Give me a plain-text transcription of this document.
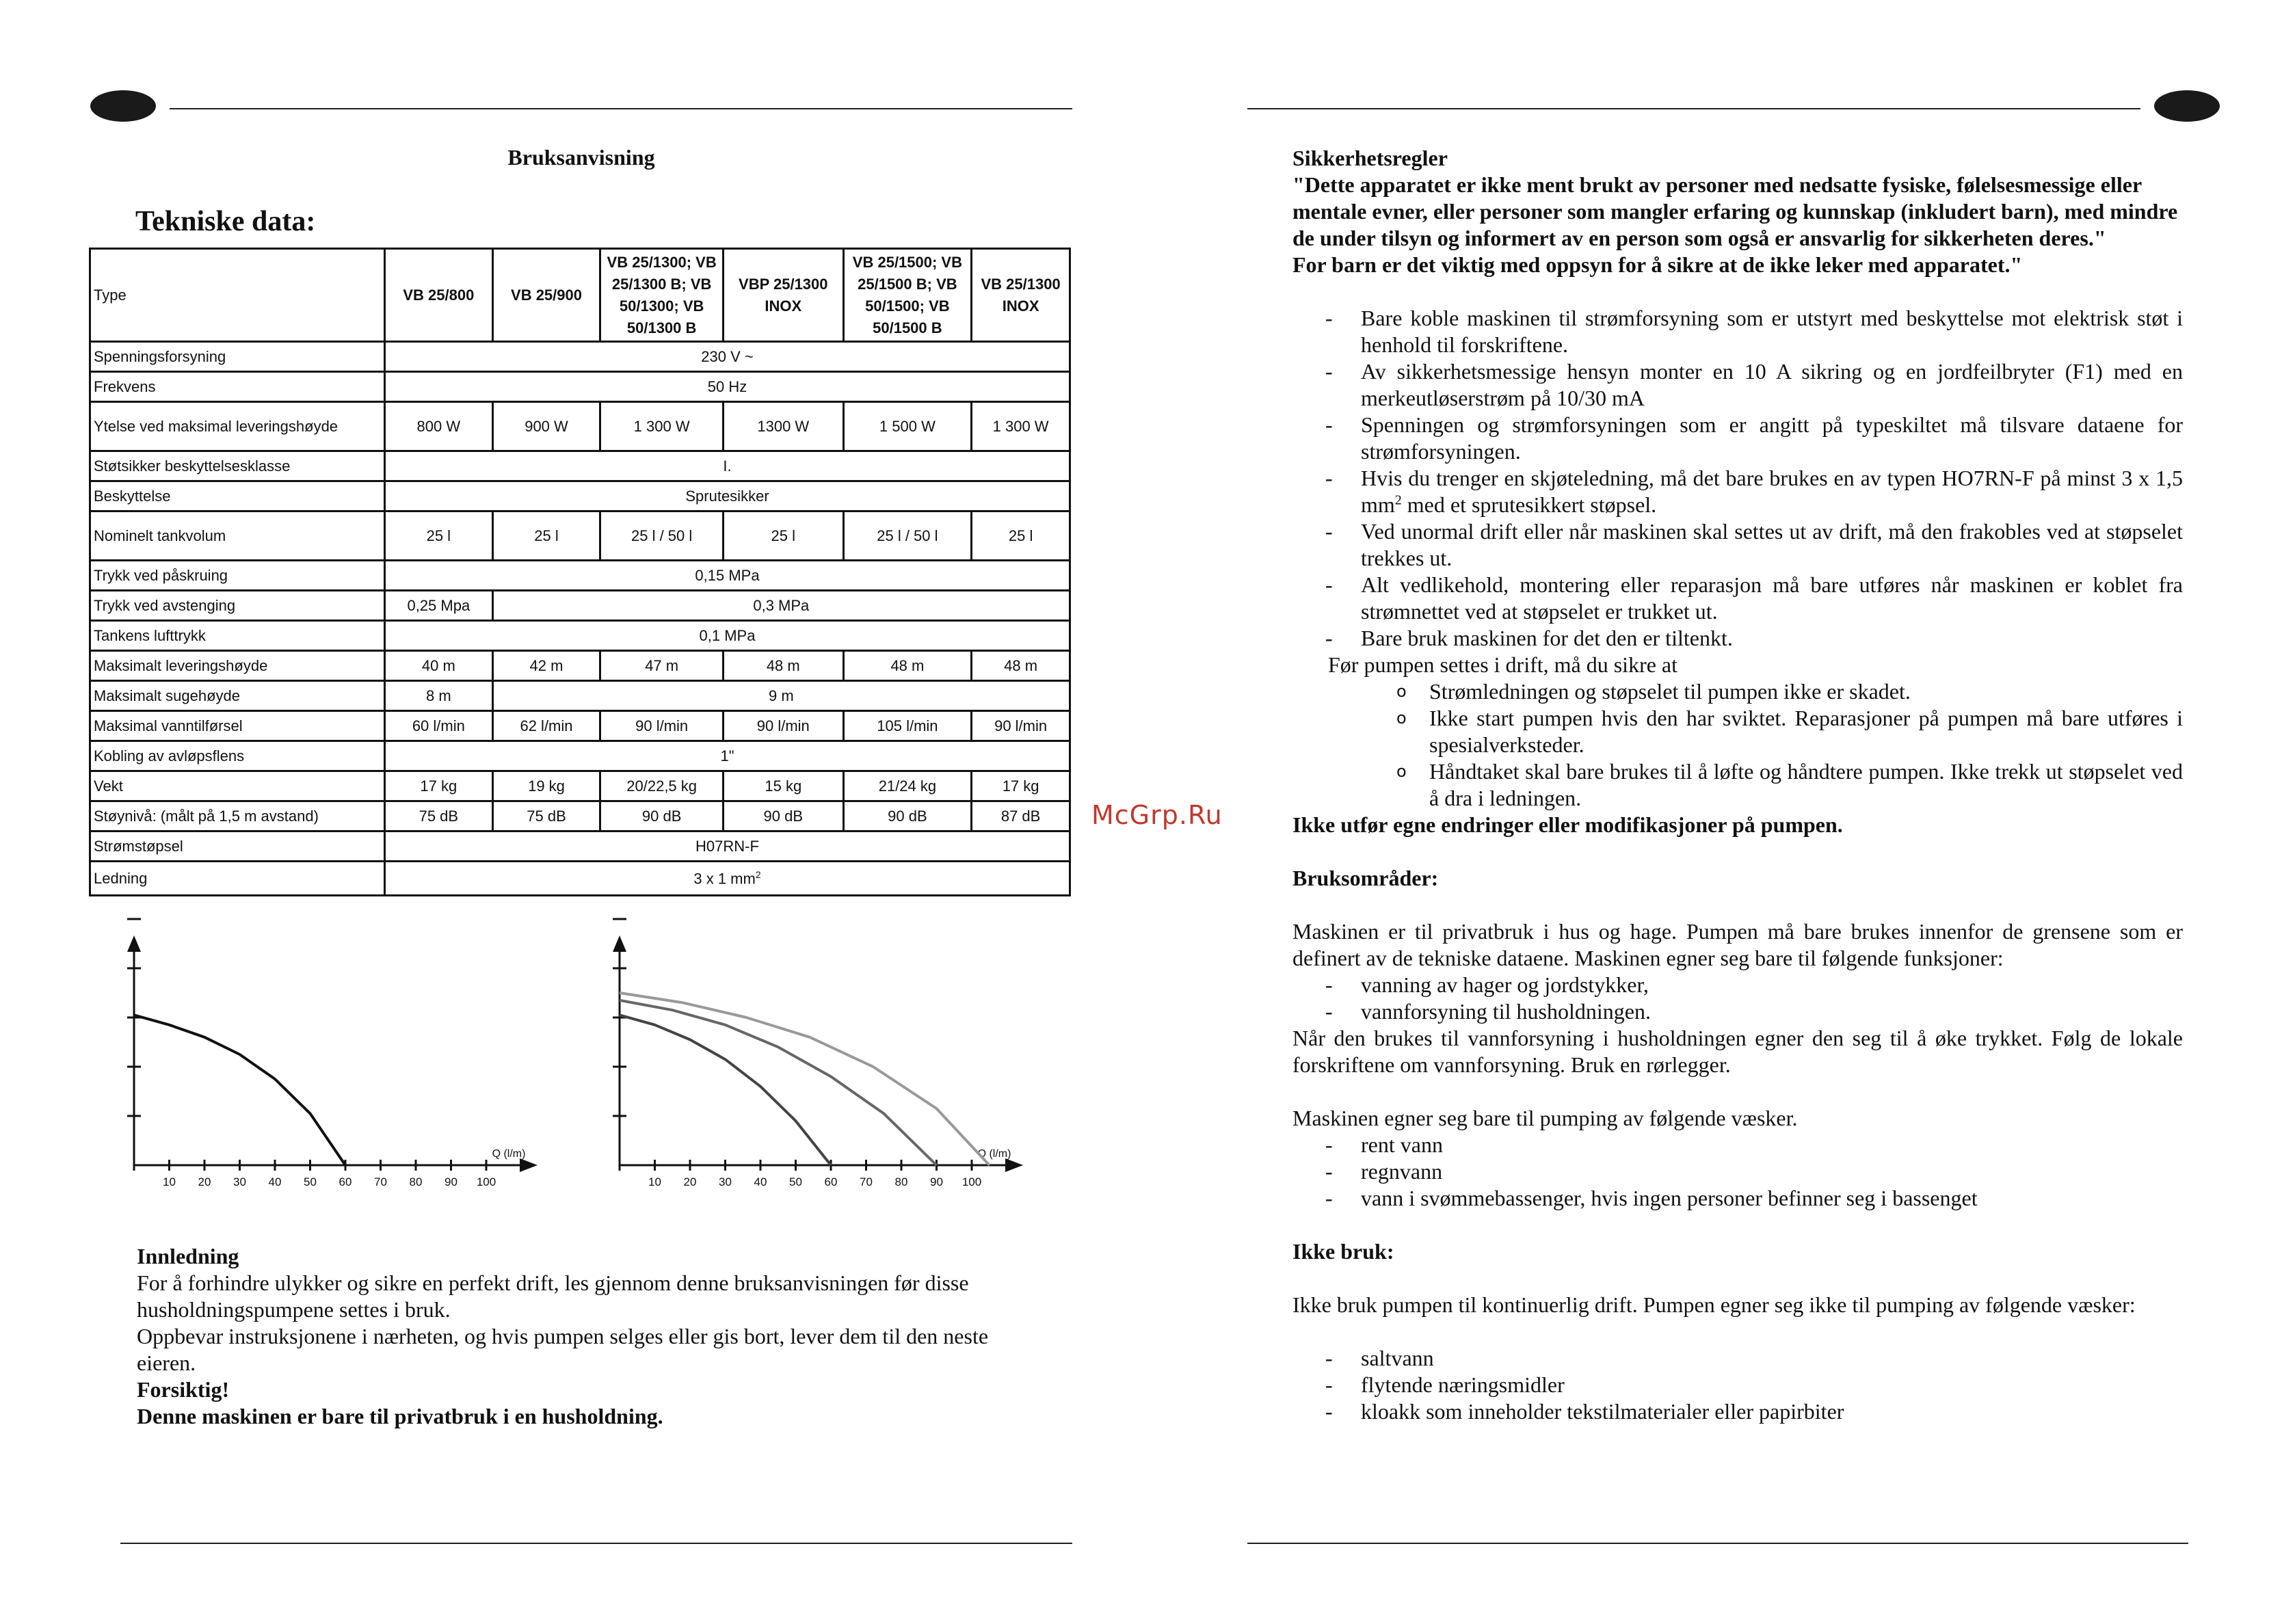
Bruksanvisning
Tekniske data:
Type	VB 25/800	VB 25/900	VB 25/1300; VB 25/1300 B; VB 50/1300; VB 50/1300 B	VBP 25/1300 INOX	VB 25/1500; VB 25/1500 B; VB 50/1500; VB 50/1500 B	VB 25/1300 INOX
Spenningsforsyning	230 V ~					
Frekvens	50 Hz					
Ytelse ved maksimal leveringshøyde	800 W	900 W	1 300 W	1300 W	1 500 W	1 300 W
Støtsikker beskyttelsesklasse	I.					
Beskyttelse	Sprutesikker					
Nominelt tankvolum	25 l	25 l	25 l / 50 l	25 l	25 l / 50 l	25 l
Trykk ved påskruing	0,15 MPa					
Trykk ved avstenging	0,25 Mpa	0,3 MPa				
Tankens lufttrykk	0,1 MPa					
Maksimalt leveringshøyde	40 m	42 m	47 m	48 m	48 m	48 m
Maksimalt sugehøyde	8 m	9 m				
Maksimal vanntilførsel	60 l/min	62 l/min	90 l/min	90 l/min	105 l/min	90 l/min
Kobling av avløpsflens	1"					
Vekt	17 kg	19 kg	20/22,5 kg	15 kg	21/24 kg	17 kg
Støynivå: (målt på 1,5 m avstand)	75 dB	75 dB	90 dB	90 dB	90 dB	87 dB
Strømstøpsel	H07RN-F					
Ledning	3 x 1 $mm^2$
10 20 30 40 50 60 70 80 90 100
Q (l/m)
10 20 30 40 50 60 70 80 90 100
Q (l/m)
Innledning
For å forhindre ulykker og sikre en perfekt drift, les gjennom denne bruksanvisningen før disse husholdningspumpene settes i bruk.
Oppbevar instruksjonene i nærheten, og hvis pumpen selges eller gis bort, lever dem til den neste eieren.
Forsiktig!
Denne maskinen er bare til privatbruk i en husholdning.
McGrp.Ru

Sikkerhetsregler

"Dette apparatet er ikke ment brukt av personer med nedsatte fysiske, følelsesmessige eller mentale evner, eller personer som mangler erfaring og kunnskap (inkludert barn), med mindre de under tilsyn og informert av en person som også er ansvarlig for sikkerheten deres."

For barn er det viktig med oppsyn for å sikre at de ikke leker med apparatet."

- Bare koble maskinen til strømforsyning som er utstyrt med beskyttelse mot elektrisk støt i henhold til forskriftene.
- Av sikkerhetsmessige hensyn monter en 10 A sikring og en jordfeilbryter (F1) med en merkeutløserstrøm på 10/30 mA
- Spenningen og strømforsyningen som er angitt på typeskiltet må tilsvare dataene for strømforsyningen.
- Hvis du trenger en skjøteledning, må det bare brukes en av typen HO7RN-F på minst 3 x 1,5 $mm^2$ med et sprutesikkert støpsel.
- Ved unormal drift eller når maskinen skal settes ut av drift, må den frakobles ved at støpselet trekkes ut.
- Alt vedlikehold, montering eller reparasjon må bare utføres når maskinen er koblet fra strømnettet ved at støpselet er trukket ut.
- Bare bruk maskinen for det den er tiltenkt.

Før pumpen settes i drift, må du sikre at

o Strømledningen og støpselet til pumpen ikke er skadet.
o Ikke start pumpen hvis den har sviktet. Reparasjoner på pumpen må bare utføres i spesialverksteder.
o Håndtaket skal bare brukes til å løfte og håndtere pumpen. Ikke trekk ut støpselet ved å dra i ledningen.

Ikke utfør egne endringer eller modifikasjoner på pumpen.

Bruksområder:

Maskinen er til privatbruk i hus og hage. Pumpen må bare brukes innenfor de grensene som er definert av de tekniske dataene. Maskinen egner seg bare til følgende funksjoner:

- vanning av hager og jordstykker,
- vannforsyning til husholdningen.

Når den brukes til vannforsyning i husholdningen egner den seg til å øke trykket. Følg de lokale forskriftene om vannforsyning. Bruk en rørlegger.

Maskinen egner seg bare til pumping av følgende væsker.

- rent vann
- regnvann
- vann i svømmebassenger, hvis ingen personer befinner seg i bassenget

Ikke bruk:

Ikke bruk pumpen til kontinuerlig drift. Pumpen egner seg ikke til pumping av følgende væsker:

- saltvann
- flytende næringsmidler
- kloakk som inneholder tekstilmaterialer eller papirbiter
